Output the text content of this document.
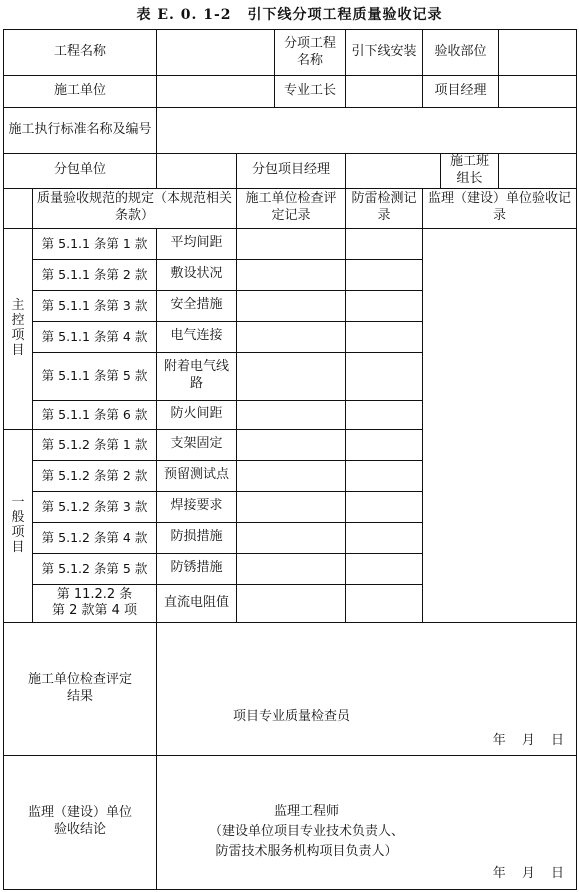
表 E. 0. 1-2 引下线分项工程质量验收记录
工程名称				分项工程名称	引下线安装	验收部位		
施工单位				专业工长		项目经理		
施工执行标准名称及编号								
分包单位			分包项目经理				施工班组长	
	质量验收规范的规定（本规范相关条款）		施工单位检查评定记录		防雷检测记录	监理（建设）单位验收记录		

主
控
项
目	第 5.1.1 条第 1 款	平均间距						
	第 5.1.1 条第 2 款	敷设状况						
	第 5.1.1 条第 3 款	安全措施						
	第 5.1.1 条第 4 款	电气连接						
	第 5.1.1 条第 5 款	附着电气线路						
	第 5.1.1 条第 6 款	防火间距						

一
般
项
目	第 5.1.2 条第 1 款	支架固定						
	第 5.1.2 条第 2 款	预留测试点						
	第 5.1.2 条第 3 款	焊接要求						
	第 5.1.2 条第 4 款	防损措施						
	第 5.1.2 条第 5 款	防锈措施						
	第 11.2.2 条第 2 款第 4 项	直流电阻值						
施工单位检查评定结果		项目专业质量检查员
年 月 日						

监理（建设）单位验收结论		监理工程师
（建设单位项目专业技术负责人、
防雷技术服务机构项目负责人）
年 月 日						
